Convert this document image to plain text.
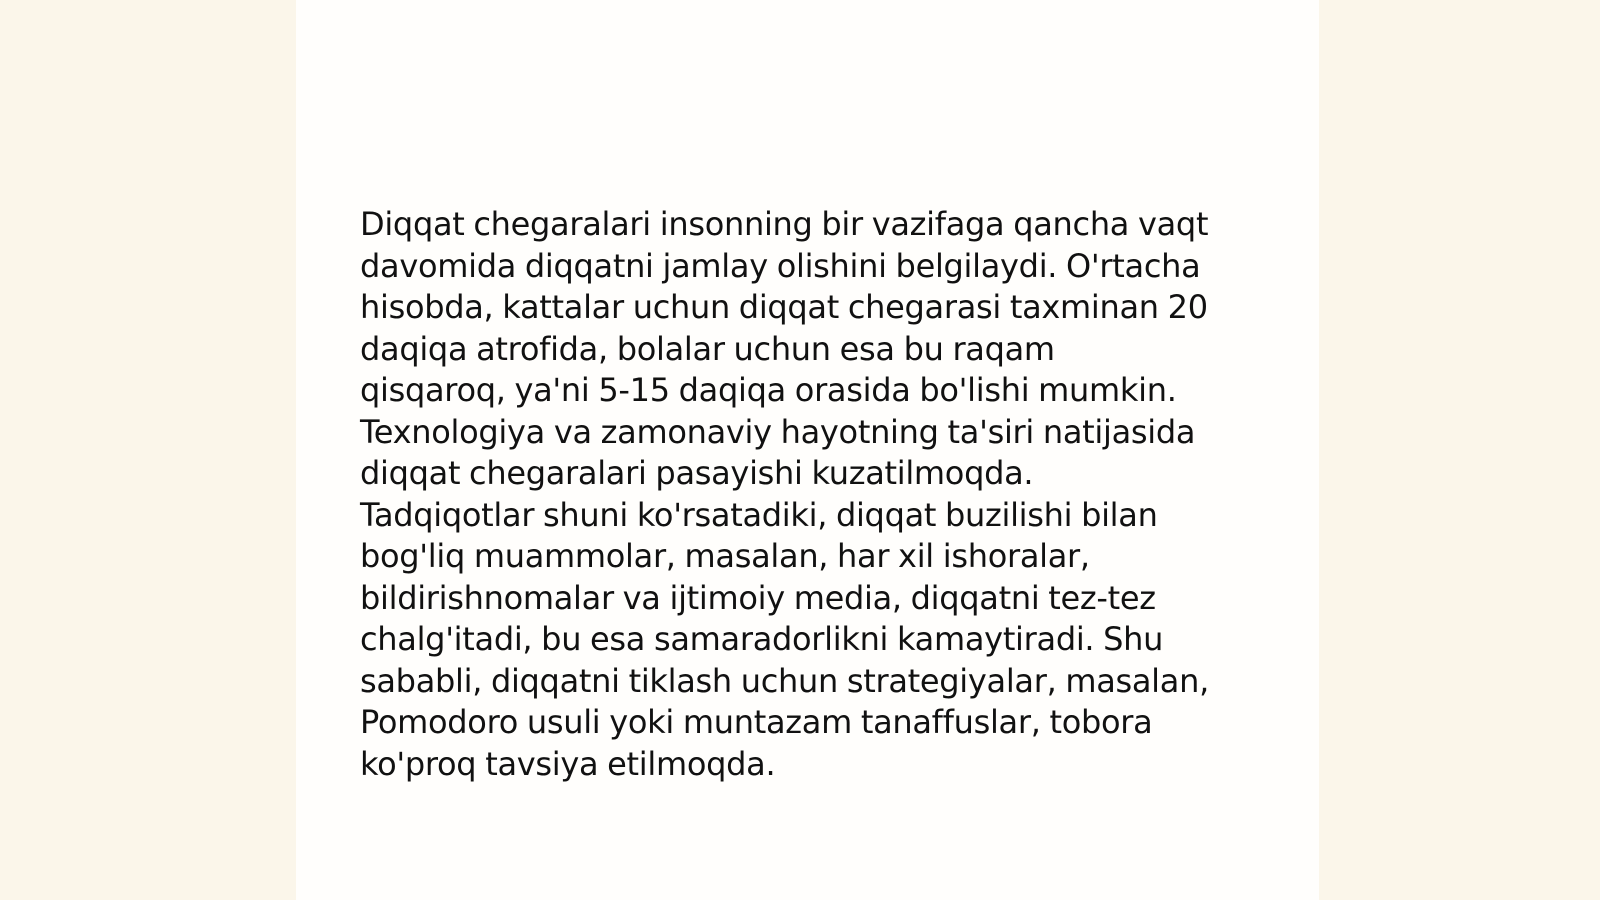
Diqqat chegaralari insonning bir vazifaga qancha vaqt
davomida diqqatni jamlay olishini belgilaydi. O'rtacha
hisobda, kattalar uchun diqqat chegarasi taxminan 20
daqiqa atrofida, bolalar uchun esa bu raqam
qisqaroq, ya'ni 5-15 daqiqa orasida bo'lishi mumkin.
Texnologiya va zamonaviy hayotning ta'siri natijasida
diqqat chegaralari pasayishi kuzatilmoqda.
Tadqiqotlar shuni ko'rsatadiki, diqqat buzilishi bilan
bog'liq muammolar, masalan, har xil ishoralar,
bildirishnomalar va ijtimoiy media, diqqatni tez-tez
chalg'itadi, bu esa samaradorlikni kamaytiradi. Shu
sababli, diqqatni tiklash uchun strategiyalar, masalan,
Pomodoro usuli yoki muntazam tanaffuslar, tobora
ko'proq tavsiya etilmoqda.
